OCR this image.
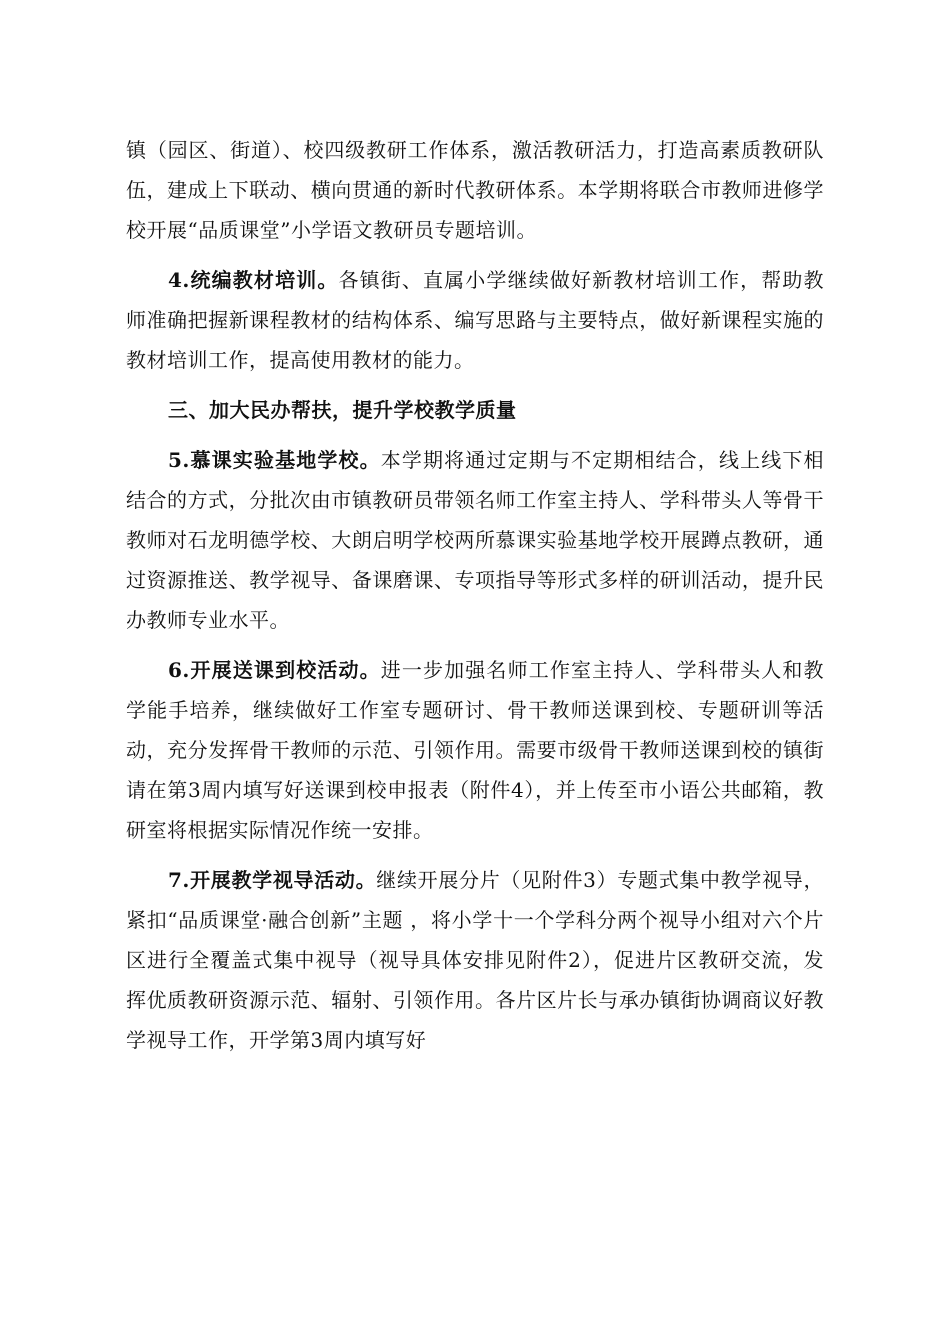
镇（园区、街道）、校四级教研工作体系，激活教研活力，打造高素质教研队伍，建成上下联动、横向贯通的新时代教研体系。本学期将联合市教师进修学校开展“品质课堂”小学语文教研员专题培训。

4.统编教材培训。各镇街、直属小学继续做好新教材培训工作，帮助教师准确把握新课程教材的结构体系、编写思路与主要特点，做好新课程实施的教材培训工作，提高使用教材的能力。

三、加大民办帮扶，提升学校教学质量

5.慕课实验基地学校。本学期将通过定期与不定期相结合，线上线下相结合的方式，分批次由市镇教研员带领名师工作室主持人、学科带头人等骨干教师对石龙明德学校、大朗启明学校两所慕课实验基地学校开展蹲点教研，通过资源推送、教学视导、备课磨课、专项指导等形式多样的研训活动，提升民办教师专业水平。

6.开展送课到校活动。进一步加强名师工作室主持人、学科带头人和教学能手培养，继续做好工作室专题研讨、骨干教师送课到校、专题研训等活动，充分发挥骨干教师的示范、引领作用。需要市级骨干教师送课到校的镇街请在第3周内填写好送课到校申报表（附件4），并上传至市小语公共邮箱，教研室将根据实际情况作统一安排。

7.开展教学视导活动。继续开展分片（见附件3）专题式集中教学视导，紧扣“品质课堂·融合创新”主题 ，将小学十一个学科分两个视导小组对六个片区进行全覆盖式集中视导（视导具体安排见附件2），促进片区教研交流，发挥优质教研资源示范、辐射、引领作用。各片区片长与承办镇街协调商议好教学视导工作，开学第3周内填写好
